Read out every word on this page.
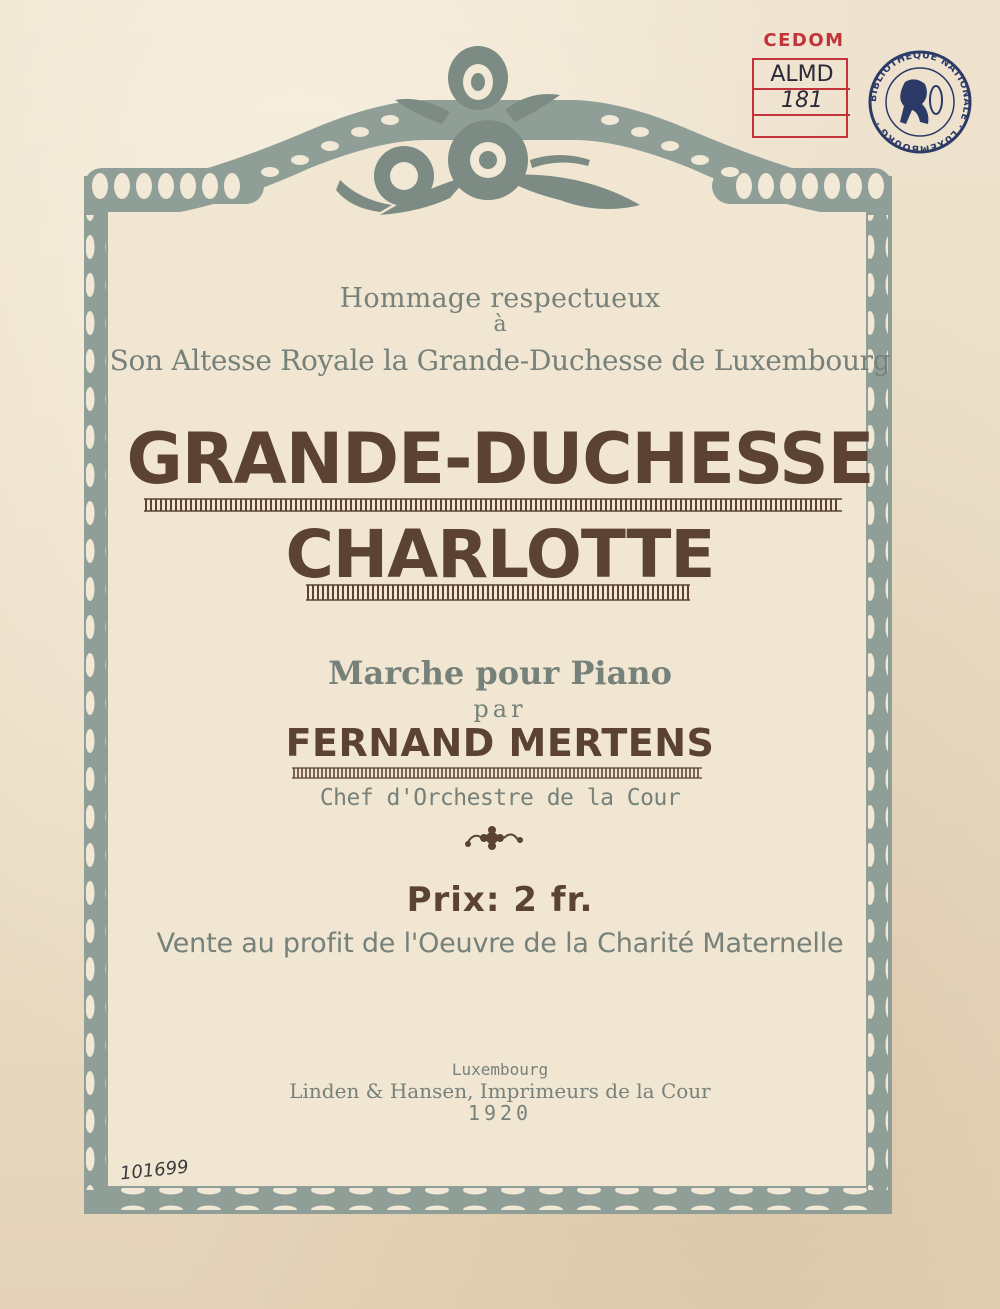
BIBLIOTHEQUE NATIONALE · LUXEMBOURG ·
CEDOM
ALMD
181
Hommage respectueux
à
Son Altesse Royale la Grande-Duchesse de Luxembourg
GRANDE-DUCHESSE
CHARLOTTE
Marche pour Piano
par
FERNAND MERTENS
Chef d'Orchestre de la Cour
Prix: 2 fr.
Vente au profit de l'Oeuvre de la Charité Maternelle
Luxembourg
Linden & Hansen, Imprimeurs de la Cour
1920
101699
